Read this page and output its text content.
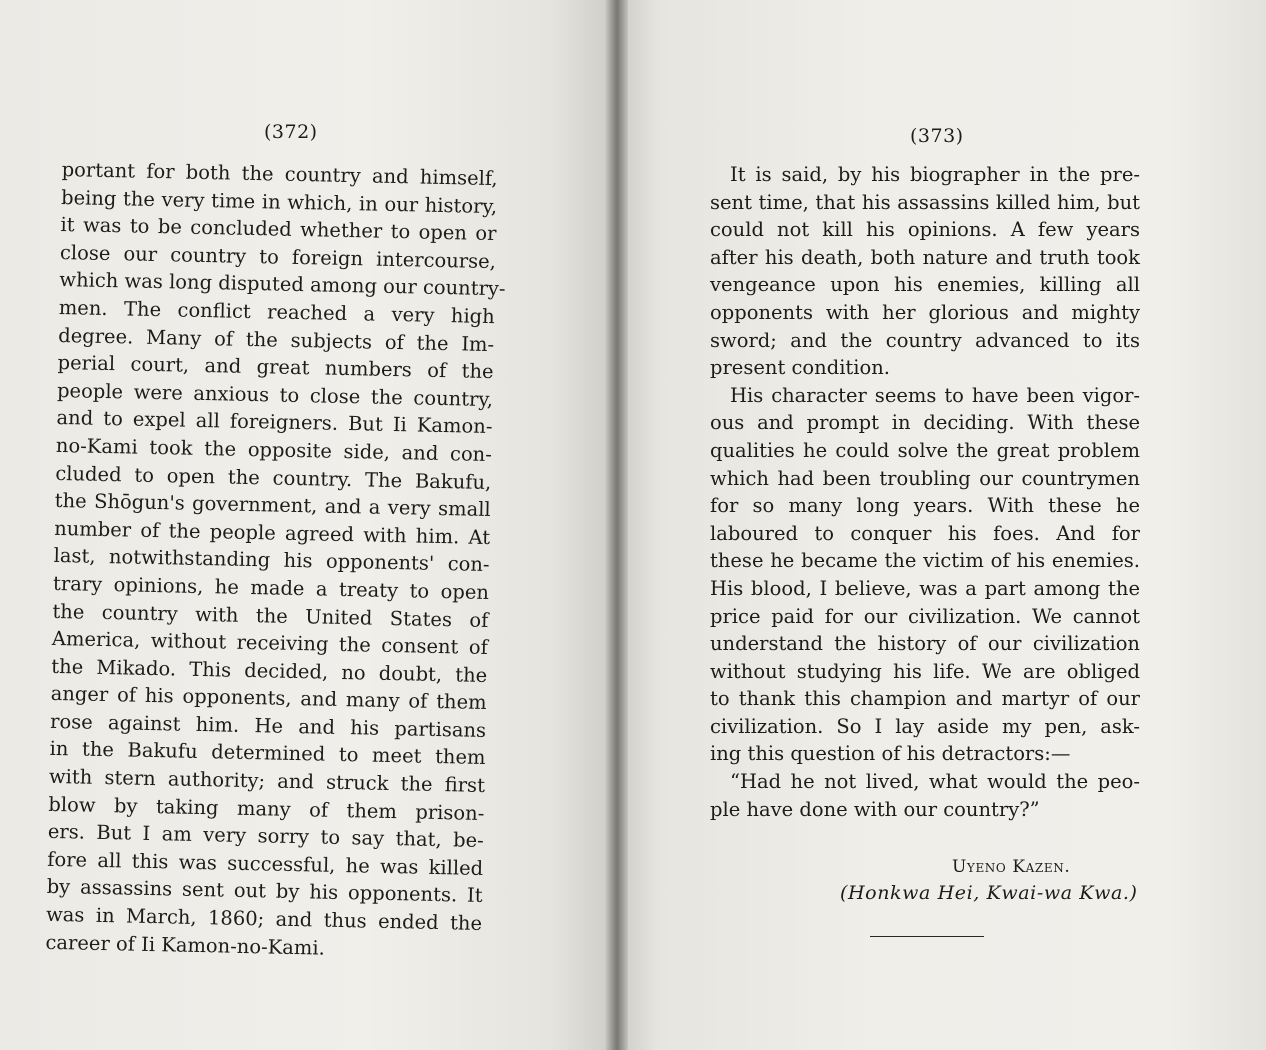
(372)
portant for both the country and himself,
being the very time in which, in our history,
it was to be concluded whether to open or
close our country to foreign intercourse,
which was long disputed among our country-
men. The conflict reached a very high
degree. Many of the subjects of the Im-
perial court, and great numbers of the
people were anxious to close the country,
and to expel all foreigners. But Ii Kamon-
no-Kami took the opposite side, and con-
cluded to open the country. The Bakufu,
the Shōgun's government, and a very small
number of the people agreed with him. At
last, notwithstanding his opponents' con-
trary opinions, he made a treaty to open
the country with the United States of
America, without receiving the consent of
the Mikado. This decided, no doubt, the
anger of his opponents, and many of them
rose against him. He and his partisans
in the Bakufu determined to meet them
with stern authority; and struck the first
blow by taking many of them prison-
ers. But I am very sorry to say that, be-
fore all this was successful, he was killed
by assassins sent out by his opponents. It
was in March, 1860; and thus ended the
career of Ii Kamon-no-Kami.
(373)
It is said, by his biographer in the pre-
sent time, that his assassins killed him, but
could not kill his opinions. A few years
after his death, both nature and truth took
vengeance upon his enemies, killing all
opponents with her glorious and mighty
sword; and the country advanced to its
present condition.
His character seems to have been vigor-
ous and prompt in deciding. With these
qualities he could solve the great problem
which had been troubling our countrymen
for so many long years. With these he
laboured to conquer his foes. And for
these he became the victim of his enemies.
His blood, I believe, was a part among the
price paid for our civilization. We cannot
understand the history of our civilization
without studying his life. We are obliged
to thank this champion and martyr of our
civilization. So I lay aside my pen, ask-
ing this question of his detractors:—
“Had he not lived, what would the peo-
ple have done with our country?”
Uyeno Kazen.
(Honkwa Hei, Kwai-wa Kwa.)
